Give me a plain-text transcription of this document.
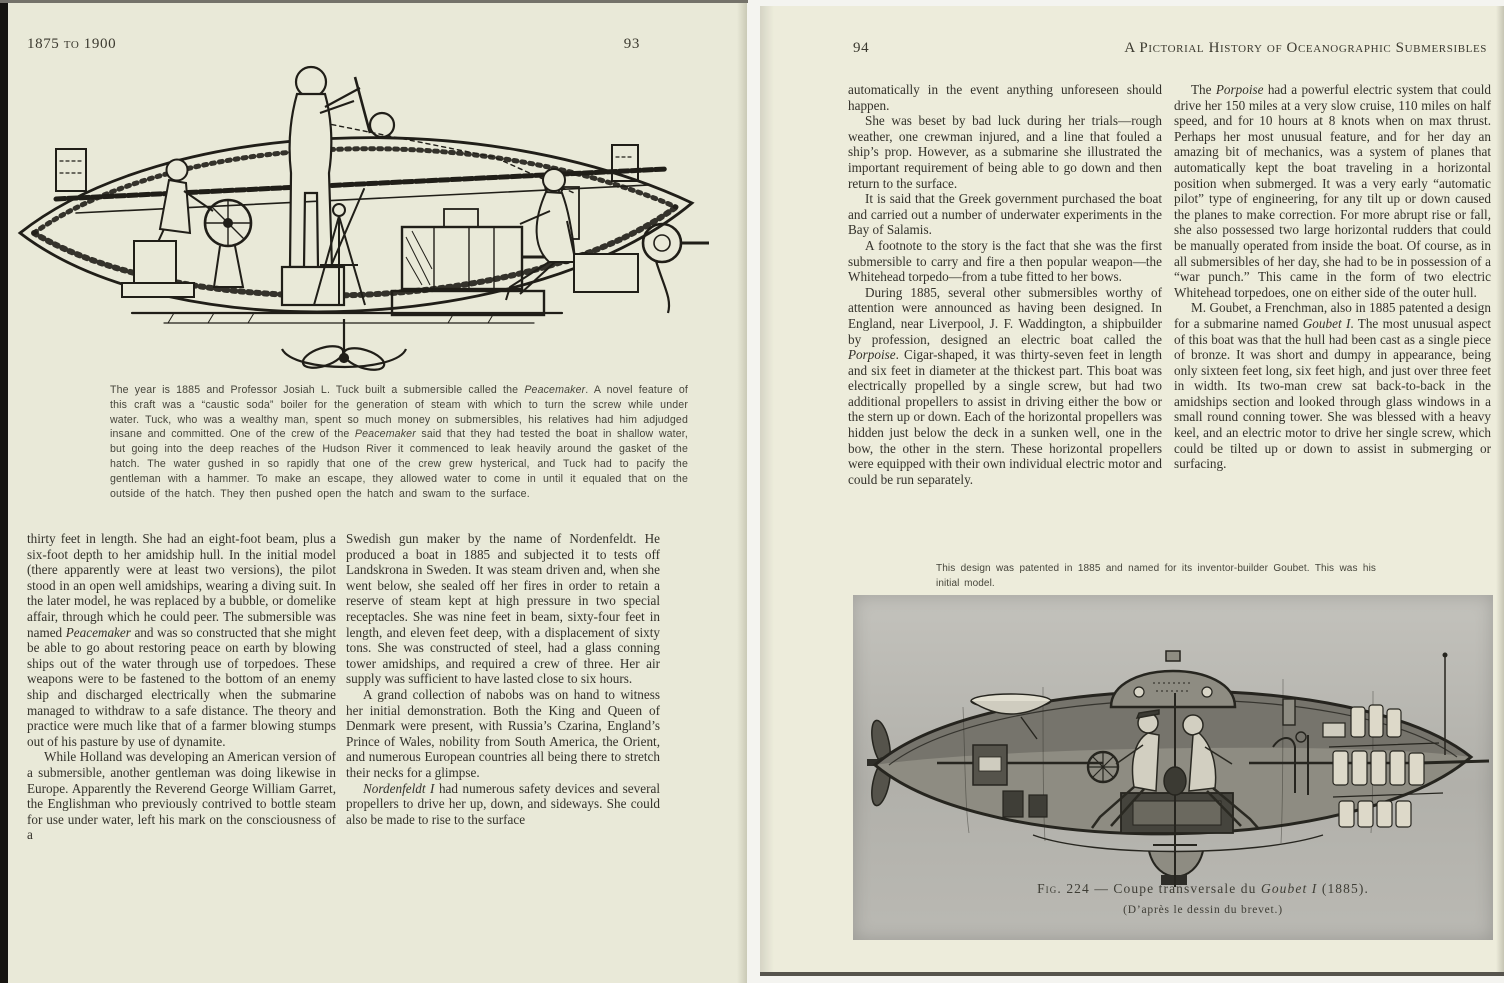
1875 to 1900	93

The year is 1885 and Professor Josiah L. Tuck built a submersible called the Peacemaker. A novel feature of this craft was a “caustic soda” boiler for the generation of steam with which to turn the screw while under water. Tuck, who was a wealthy man, spent so much money on submersibles, his relatives had him adjudged insane and committed. One of the crew of the Peacemaker said that they had tested the boat in shallow water, but going into the deep reaches of the Hudson River it commenced to leak heavily around the gasket of the hatch. The water gushed in so rapidly that one of the crew grew hysterical, and Tuck had to pacify the gentleman with a hammer. To make an escape, they allowed water to come in until it equaled that on the outside of the hatch. They then pushed open the hatch and swam to the surface.

thirty feet in length. She had an eight-foot beam, plus a six-foot depth to her amidship hull. In the initial model (there apparently were at least two versions), the pilot stood in an open well amidships, wearing a diving suit. In the later model, he was replaced by a bubble, or domelike affair, through which he could peer. The submersible was named Peacemaker and was so constructed that she might be able to go about restoring peace on earth by blowing ships out of the water through use of torpedoes. These weapons were to be fastened to the bottom of an enemy ship and discharged electrically when the submarine managed to withdraw to a safe distance. The theory and practice were much like that of a farmer blowing stumps out of his pasture by use of dynamite.

While Holland was developing an American version of a submersible, another gentleman was doing likewise in Europe. Apparently the Reverend George William Garret, the Englishman who previously contrived to bottle steam for use under water, left his mark on the consciousness of a

Swedish gun maker by the name of Nordenfeldt. He produced a boat in 1885 and subjected it to tests off Landskrona in Sweden. It was steam driven and, when she went below, she sealed off her fires in order to retain a reserve of steam kept at high pressure in two special receptacles. She was nine feet in beam, sixty-four feet in length, and eleven feet deep, with a displacement of sixty tons. She was constructed of steel, had a glass conning tower amidships, and required a crew of three. Her air supply was sufficient to have lasted close to six hours.

A grand collection of nabobs was on hand to witness her initial demonstration. Both the King and Queen of Denmark were present, with Russia’s Czarina, England’s Prince of Wales, nobility from South America, the Orient, and numerous European countries all being there to stretch their necks for a glimpse.

Nordenfeldt I had numerous safety devices and several propellers to drive her up, down, and sideways. She could also be made to rise to the surface

94	A Pictorial History of Oceanographic Submersibles

automatically in the event anything unforeseen should happen.

She was beset by bad luck during her trials—rough weather, one crewman injured, and a line that fouled a ship’s prop. However, as a submarine she illustrated the important requirement of being able to go down and then return to the surface.

It is said that the Greek government purchased the boat and carried out a number of underwater experiments in the Bay of Salamis.

A footnote to the story is the fact that she was the first submersible to carry and fire a then popular weapon—the Whitehead torpedo—from a tube fitted to her bows.

During 1885, several other submersibles worthy of attention were announced as having been designed. In England, near Liverpool, J. F. Waddington, a shipbuilder by profession, designed an electric boat called the Porpoise. Cigar-shaped, it was thirty-seven feet in length and six feet in diameter at the thickest part. This boat was electrically propelled by a single screw, but had two additional propellers to assist in driving either the bow or the stern up or down. Each of the horizontal propellers was hidden just below the deck in a sunken well, one in the bow, the other in the stern. These horizontal propellers were equipped with their own individual electric motor and could be run separately.

The Porpoise had a powerful electric system that could drive her 150 miles at a very slow cruise, 110 miles on half speed, and for 10 hours at 8 knots when on max thrust. Perhaps her most unusual feature, and for her day an amazing bit of mechanics, was a system of planes that automatically kept the boat traveling in a horizontal position when submerged. It was a very early “automatic pilot” type of engineering, for any tilt up or down caused the planes to make correction. For more abrupt rise or fall, she also possessed two large horizontal rudders that could be manually operated from inside the boat. Of course, as in all submersibles of her day, she had to be in possession of a “war punch.” This came in the form of two electric Whitehead torpedoes, one on either side of the outer hull.

M. Goubet, a Frenchman, also in 1885 patented a design for a submarine named Goubet I. The most unusual aspect of this boat was that the hull had been cast as a single piece of bronze. It was short and dumpy in appearance, being only sixteen feet long, six feet high, and just over three feet in width. Its two-man crew sat back-to-back in the amidships section and looked through glass windows in a small round conning tower. She was blessed with a heavy keel, and an electric motor to drive her single screw, which could be tilted up or down to assist in submerging or surfacing.

This design was patented in 1885 and named for its inventor-builder Goubet. This was his initial model.

Fig. 224 — Coupe transversale du Goubet I (1885).

(D’après le dessin du brevet.)
